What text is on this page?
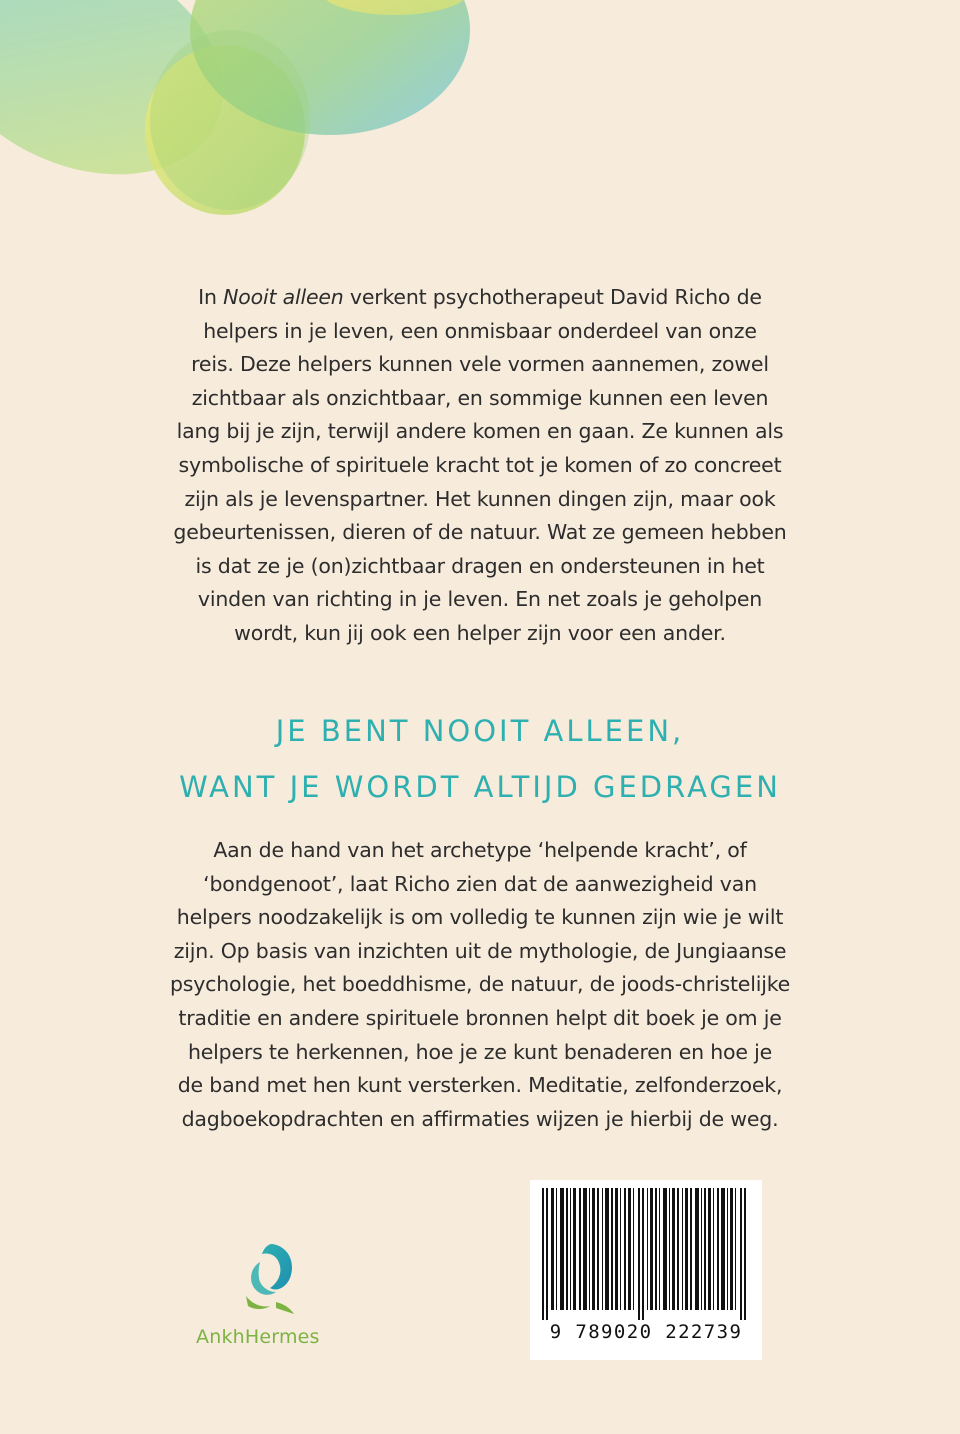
In Nooit alleen verkent psychotherapeut David Richo de
helpers in je leven, een onmisbaar onderdeel van onze
reis. Deze helpers kunnen vele vormen aannemen, zowel
zichtbaar als onzichtbaar, en sommige kunnen een leven
lang bij je zijn, terwijl andere komen en gaan. Ze kunnen als
symbolische of spirituele kracht tot je komen of zo concreet
zijn als je levenspartner. Het kunnen dingen zijn, maar ook
gebeurtenissen, dieren of de natuur. Wat ze gemeen hebben
is dat ze je (on)zichtbaar dragen en ondersteunen in het
vinden van richting in je leven. En net zoals je geholpen
wordt, kun jij ook een helper zijn voor een ander.

JE BENT NOOIT ALLEEN,
WANT JE WORDT ALTIJD GEDRAGEN

Aan de hand van het archetype ‘helpende kracht’, of
‘bondgenoot’, laat Richo zien dat de aanwezigheid van
helpers noodzakelijk is om volledig te kunnen zijn wie je wilt
zijn. Op basis van inzichten uit de mythologie, de Jungiaanse
psychologie, het boeddhisme, de natuur, de joods-christelijke
traditie en andere spirituele bronnen helpt dit boek je om je
helpers te herkennen, hoe je ze kunt benaderen en hoe je
de band met hen kunt versterken. Meditatie, zelfonderzoek,
dagboekopdrachten en affirmaties wijzen je hierbij de weg.

AnkhHermes	9 789020 222739
